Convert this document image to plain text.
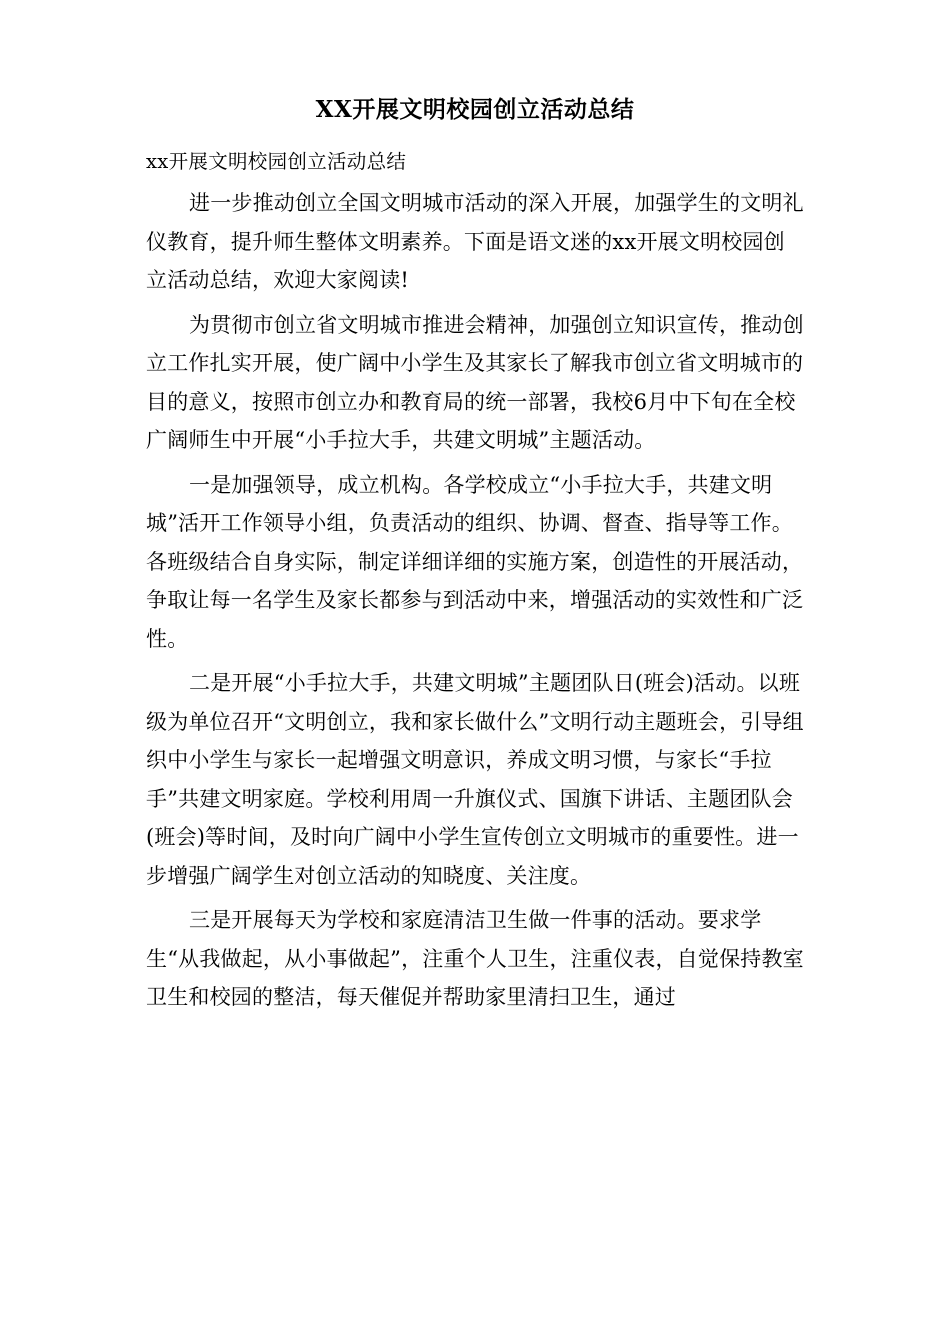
XX开展文明校园创立活动总结

xx开展文明校园创立活动总结

进一步推动创立全国文明城市活动的深入开展，加强学生的文明礼仪教育，提升师生整体文明素养。下面是语文迷的xx开展文明校园创立活动总结，欢迎大家阅读!

为贯彻市创立省文明城市推进会精神，加强创立知识宣传，推动创立工作扎实开展，使广阔中小学生及其家长了解我市创立省文明城市的目的意义，按照市创立办和教育局的统一部署，我校6月中下旬在全校广阔师生中开展“小手拉大手，共建文明城”主题活动。

一是加强领导，成立机构。各学校成立“小手拉大手，共建文明城”活开工作领导小组，负责活动的组织、协调、督查、指导等工作。各班级结合自身实际，制定详细详细的实施方案，创造性的开展活动，争取让每一名学生及家长都参与到活动中来，增强活动的实效性和广泛性。

二是开展“小手拉大手，共建文明城”主题团队日(班会)活动。以班级为单位召开“文明创立，我和家长做什么”文明行动主题班会，引导组织中小学生与家长一起增强文明意识，养成文明习惯，与家长“手拉手”共建文明家庭。学校利用周一升旗仪式、国旗下讲话、主题团队会(班会)等时间，及时向广阔中小学生宣传创立文明城市的重要性。进一步增强广阔学生对创立活动的知晓度、关注度。

三是开展每天为学校和家庭清洁卫生做一件事的活动。要求学生“从我做起，从小事做起”，注重个人卫生，注重仪表，自觉保持教室卫生和校园的整洁，每天催促并帮助家里清扫卫生，通过
